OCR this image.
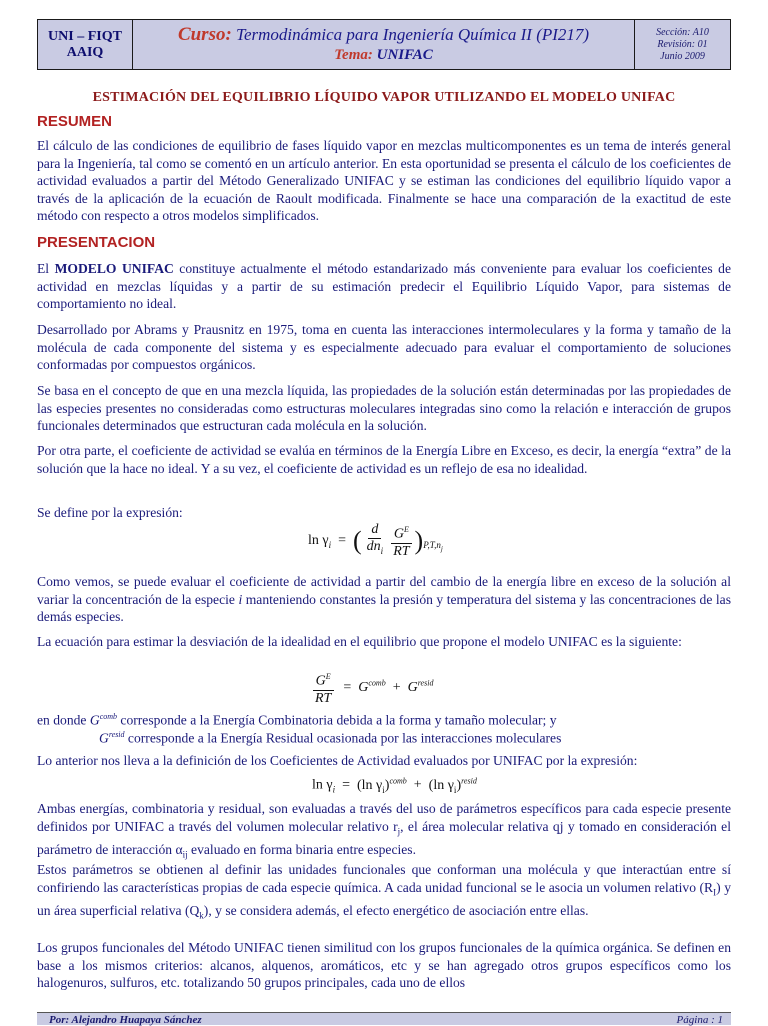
UNI – FIQT
AAIQ
Curso: Termodinámica para Ingeniería Química II (PI217)
Tema: UNIFAC
Sección: A10
Revisión: 01
Junio 2009
ESTIMACIÓN DEL EQUILIBRIO LÍQUIDO VAPOR UTILIZANDO EL MODELO UNIFAC
RESUMEN

El cálculo de las condiciones de equilibrio de fases líquido vapor en mezclas multicomponentes es un tema de interés general para la Ingeniería, tal como se comentó en un artículo anterior. En esta oportunidad se presenta el cálculo de los coeficientes de actividad evaluados a partir del Método Generalizado UNIFAC y se estiman las condiciones del equilibrio líquido vapor a través de la aplicación de la ecuación de Raoult modificada. Finalmente se hace una comparación de la exactitud de este método con respecto a otros modelos simplificados.

PRESENTACION

El MODELO UNIFAC constituye actualmente el método estandarizado más conveniente para evaluar los coeficientes de actividad en mezclas líquidas y a partir de su estimación predecir el Equilibrio Líquido Vapor, para sistemas de comportamiento no ideal.

Desarrollado por Abrams y Prausnitz en 1975, toma en cuenta las interacciones intermoleculares y la forma y tamaño de la molécula de cada componente del sistema y es especialmente adecuado para evaluar el comportamiento de soluciones conformadas por compuestos orgánicos.

Se basa en el concepto de que en una mezcla líquida, las propiedades de la solución están determinadas por las propiedades de las especies presentes no consideradas como estructuras moleculares integradas sino como la relación e interacción de grupos funcionales determinados que estructuran cada molécula en la solución.

Por otra parte, el coeficiente de actividad se evalúa en términos de la Energía Libre en Exceso, es decir, la energía “extra” de la solución que la hace no ideal. Y a su vez, el coeficiente de actividad es un reflejo de esa no idealidad.

Se define por la expresión:

$\ln \gamma_i$ = ( $\frac{d}{dn_i} \frac{G^E}{RT} )_{P,T,n_j}$

Como vemos, se puede evaluar el coeficiente de actividad a partir del cambio de la energía libre en exceso de la solución al variar la concentración de la especie i manteniendo constantes la presión y temperatura del sistema y las concentraciones de las demás especies.

La ecuación para estimar la desviación de la idealidad en el equilibrio que propone el modelo UNIFAC es la siguiente:

$\frac{G^E}{RT} = G^{comb} + G^{resid}$

en donde $G^{comb}$ corresponde a la Energía Combinatoria debida a la forma y tamaño molecular; y

$G^{resid}$ corresponde a la Energía Residual ocasionada por las interacciones moleculares

Lo anterior nos lleva a la definición de los Coeficientes de Actividad evaluados por UNIFAC por la expresión:

$\ln \gamma_i = (\ln$ $\gamma_i)^{comb} + (\ln$ $\gamma_i)^{resid}$

Ambas energías, combinatoria y residual, son evaluadas a través del uso de parámetros específicos para cada especie presente definidos por UNIFAC a través del volumen molecular relativo $r_j$, el área molecular relativa qj y tomado en consideración el parámetro de interacción $\alpha_{ij}$ evaluado en forma binaria entre especies.

Estos parámetros se obtienen al definir las unidades funcionales que conforman una molécula y que interactúan entre sí confiriendo las características propias de cada especie química. A cada unidad funcional se le asocia un volumen relativo $(R_I)$ y un área superficial relativa $(Q_k)$, y se considera además, el efecto energético de asociación entre ellas.

Los grupos funcionales del Método UNIFAC tienen similitud con los grupos funcionales de la química orgánica. Se definen en base a los mismos criterios: alcanos, alquenos, aromáticos, etc y se han agregado otros grupos específicos como los halogenuros, sulfuros, etc. totalizando 50 grupos principales, cada uno de ellos

Por: Alejandro Huapaya Sánchez	Página : 1
